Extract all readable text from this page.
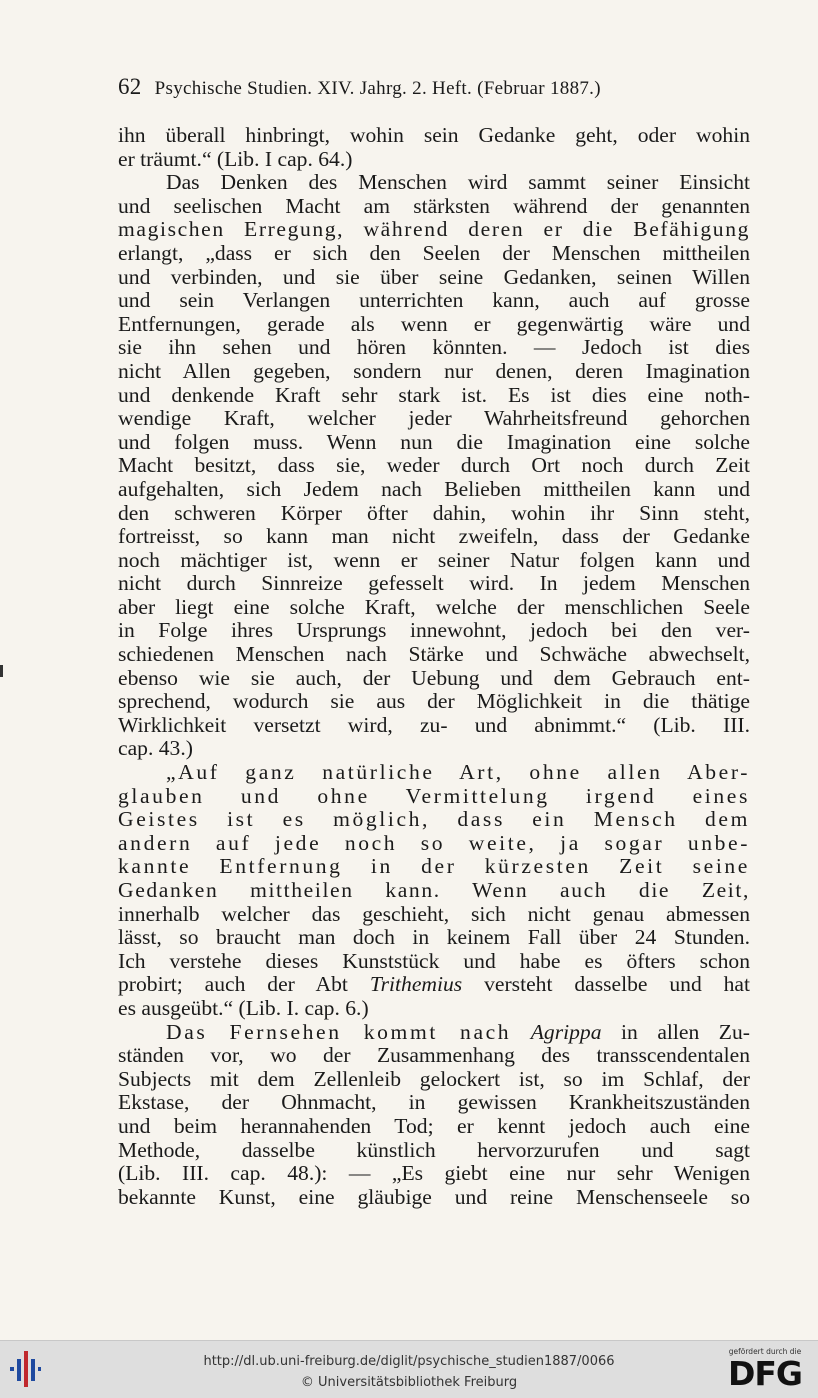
62 Psychische Studien. XIV. Jahrg. 2. Heft. (Februar 1887.)
ihn überall hinbringt, wohin sein Gedanke geht, oder wohin
er träumt.“ (Lib. I cap. 64.)
Das Denken des Menschen wird sammt seiner Einsicht
und seelischen Macht am stärksten während der genannten
magischen Erregung, während deren er die Befähigung
erlangt, „dass er sich den Seelen der Menschen mittheilen
und verbinden, und sie über seine Gedanken, seinen Willen
und sein Verlangen unterrichten kann, auch auf grosse
Entfernungen, gerade als wenn er gegenwärtig wäre und
sie ihn sehen und hören könnten. — Jedoch ist dies
nicht Allen gegeben, sondern nur denen, deren Imagination
und denkende Kraft sehr stark ist. Es ist dies eine noth-
wendige Kraft, welcher jeder Wahrheitsfreund gehorchen
und folgen muss. Wenn nun die Imagination eine solche
Macht besitzt, dass sie, weder durch Ort noch durch Zeit
aufgehalten, sich Jedem nach Belieben mittheilen kann und
den schweren Körper öfter dahin, wohin ihr Sinn steht,
fortreisst, so kann man nicht zweifeln, dass der Gedanke
noch mächtiger ist, wenn er seiner Natur folgen kann und
nicht durch Sinnreize gefesselt wird. In jedem Menschen
aber liegt eine solche Kraft, welche der menschlichen Seele
in Folge ihres Ursprungs innewohnt, jedoch bei den ver-
schiedenen Menschen nach Stärke und Schwäche abwechselt,
ebenso wie sie auch, der Uebung und dem Gebrauch ent-
sprechend, wodurch sie aus der Möglichkeit in die thätige
Wirklichkeit versetzt wird, zu- und abnimmt.“ (Lib. III.
cap. 43.)
„Auf ganz natürliche Art, ohne allen Aber-
glauben und ohne Vermittelung irgend eines
Geistes ist es möglich, dass ein Mensch dem
andern auf jede noch so weite, ja sogar unbe-
kannte Entfernung in der kürzesten Zeit seine
Gedanken mittheilen kann. Wenn auch die Zeit,
innerhalb welcher das geschieht, sich nicht genau abmessen
lässt, so braucht man doch in keinem Fall über 24 Stunden.
Ich verstehe dieses Kunststück und habe es öfters schon
probirt; auch der Abt Trithemius versteht dasselbe und hat
es ausgeübt.“ (Lib. I. cap. 6.)
Das Fernsehen kommt nach Agrippa in allen Zu-
ständen vor, wo der Zusammenhang des transscendentalen
Subjects mit dem Zellenleib gelockert ist, so im Schlaf, der
Ekstase, der Ohnmacht, in gewissen Krankheitszuständen
und beim herannahenden Tod; er kennt jedoch auch eine
Methode, dasselbe künstlich hervorzurufen und sagt
(Lib. III. cap. 48.): — „Es giebt eine nur sehr Wenigen
bekannte Kunst, eine gläubige und reine Menschenseele so
http://dl.ub.uni-freiburg.de/diglit/psychische_studien1887/0066
© Universitätsbibliothek Freiburg
gefördert durch die
DFG
